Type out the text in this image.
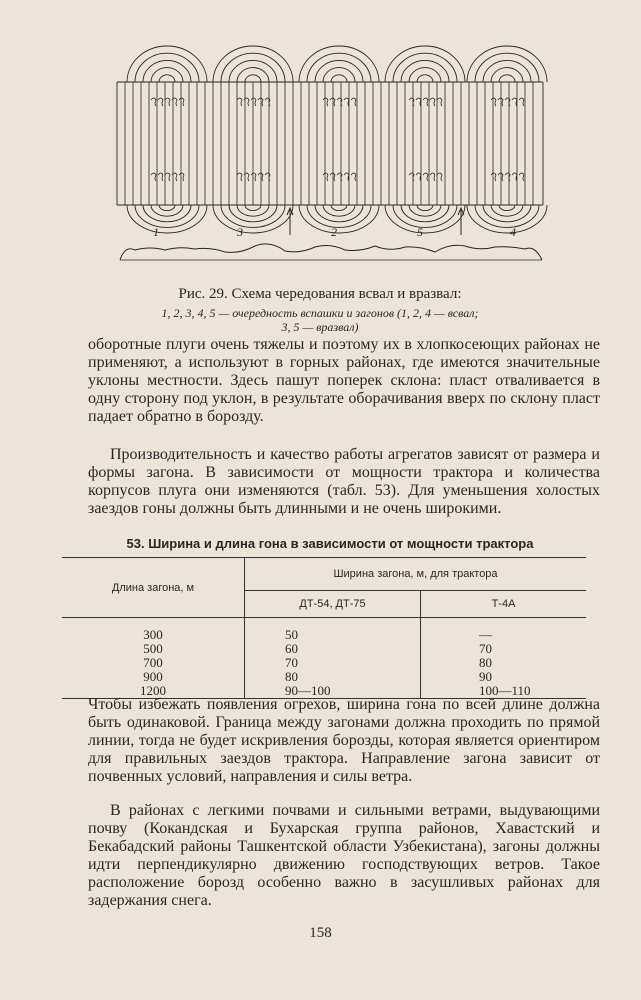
1	3	2	5	4
Рис. 29. Схема чередования всвал и вразвал:
1, 2, 3, 4, 5 — очередность вспашки и загонов (1, 2, 4 — всвал;
3, 5 — вразвал)

оборотные плуги очень тяжелы и поэтому их в хлопкосеющих районах не применяют, а используют в горных районах, где имеются значительные уклоны местности. Здесь пашут поперек склона: пласт отваливается в одну сторону под уклон, в результате оборачивания вверх по склону пласт падает обратно в борозду.

Производительность и качество работы агрегатов зависят от размера и формы загона. В зависимости от мощности трактора и количества корпусов плуга они изменяются (табл. 53). Для уменьшения холостых заездов гоны должны быть длинными и не очень широкими.

53. Ширина и длина гона в зависимости от мощности трактора
Длина загона, м	Ширина загона, м, для трактора	
	ДТ-54, ДТ-75	Т-4А
300	50	—
500	60	70
700	70	80
900	80	90
1200	90—100	100—110

Чтобы избежать появления огрехов, ширина гона по всей длине должна быть одинаковой. Граница между загонами должна проходить по прямой линии, тогда не будет искривления борозды, которая является ориентиром для правильных заездов трактора. Направление загона зависит от почвенных условий, направления и силы ветра.

В районах с легкими почвами и сильными ветрами, выдувающими почву (Кокандская и Бухарская группа районов, Хавастский и Бекабадский районы Ташкентской области Узбекистана), загоны должны идти перпендикулярно движению господствующих ветров. Такое расположение борозд особенно важно в засушливых районах для задержания снега.

158
